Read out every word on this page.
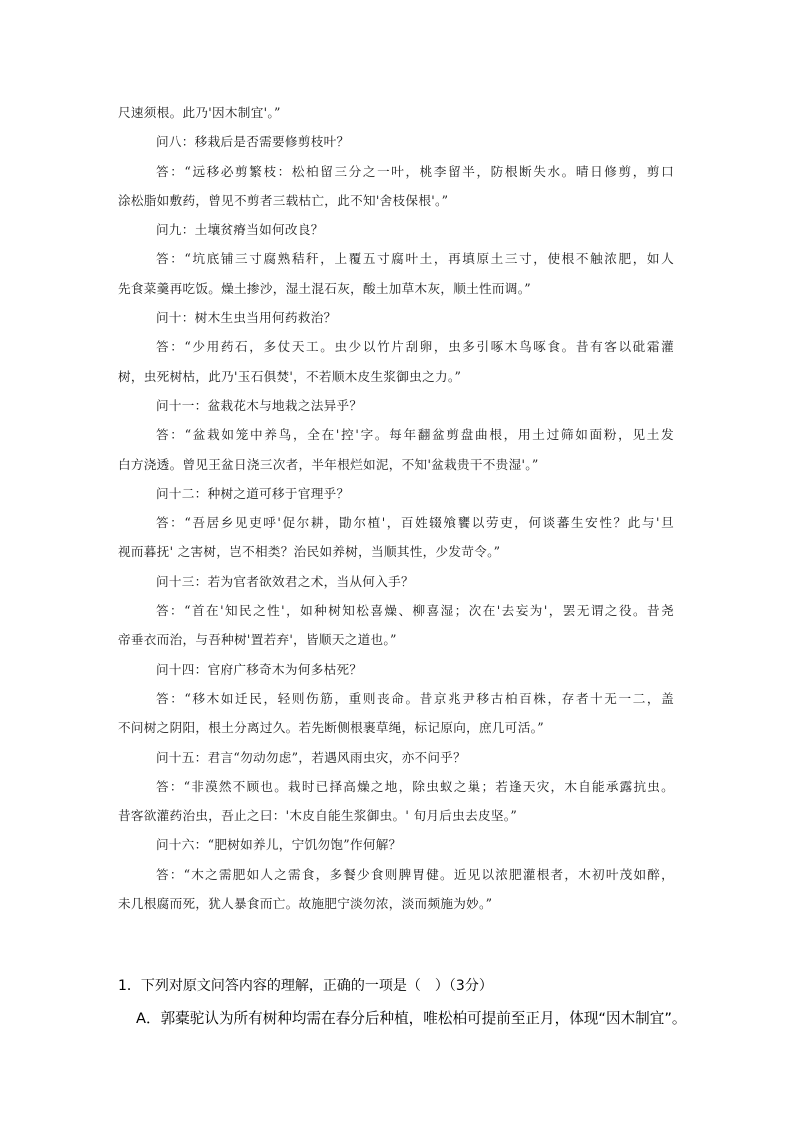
尺速须根。此乃'因木制宜'。”

问八：移栽后是否需要修剪枝叶？

答：“远移必剪繁枝：松柏留三分之一叶，桃李留半，防根断失水。晴日修剪，剪口

涂松脂如敷药，曾见不剪者三载枯亡，此不知'舍枝保根'。”

问九：土壤贫瘠当如何改良？

答：“坑底铺三寸腐熟秸秆，上覆五寸腐叶土，再填原土三寸，使根不触浓肥，如人

先食菜羹再吃饭。燥土掺沙，湿土混石灰，酸土加草木灰，顺土性而调。”

问十：树木生虫当用何药救治？

答：“少用药石，多仗天工。虫少以竹片刮卵，虫多引啄木鸟啄食。昔有客以砒霜灌

树，虫死树枯，此乃'玉石俱焚'，不若顺木皮生浆御虫之力。”

问十一：盆栽花木与地栽之法异乎？

答：“盆栽如笼中养鸟，全在'控'字。每年翻盆剪盘曲根，用土过筛如面粉，见土发

白方浇透。曾见王盆日浇三次者，半年根烂如泥，不知'盆栽贵干不贵湿'。”

问十二：种树之道可移于官理乎？

答：“吾居乡见吏呼'促尔耕，勖尔植'，百姓辍飧饔以劳吏，何谈蕃生安性？此与'旦

视而暮抚' 之害树，岂不相类？治民如养树，当顺其性，少发苛令。”

问十三：若为官者欲效君之术，当从何入手？

答：“首在'知民之性'，如种树知松喜燥、柳喜湿；次在'去妄为'，罢无谓之役。昔尧

帝垂衣而治，与吾种树'置若弃'，皆顺天之道也。”

问十四：官府广移奇木为何多枯死？

答：“移木如迁民，轻则伤筋，重则丧命。昔京兆尹移古柏百株，存者十无一二，盖

不问树之阴阳，根土分离过久。若先断侧根裹草绳，标记原向，庶几可活。”

问十五：君言“勿动勿虑”，若遇风雨虫灾，亦不问乎？

答：“非漠然不顾也。栽时已择高燥之地，除虫蚁之巢；若逢天灾，木自能承露抗虫。

昔客欲灌药治虫，吾止之曰：'木皮自能生浆御虫。' 旬月后虫去皮坚。”

问十六：“肥树如养儿，宁饥勿饱”作何解？

答：“木之需肥如人之需食，多餐少食则脾胃健。近见以浓肥灌根者，木初叶茂如醉，

未几根腐而死，犹人暴食而亡。故施肥宁淡勿浓，淡而频施为妙。”

1．下列对原文问答内容的理解，正确的一项是（　）（3分）
A．郭橐驼认为所有树种均需在春分后种植，唯松柏可提前至正月，体现“因木制宜”。
